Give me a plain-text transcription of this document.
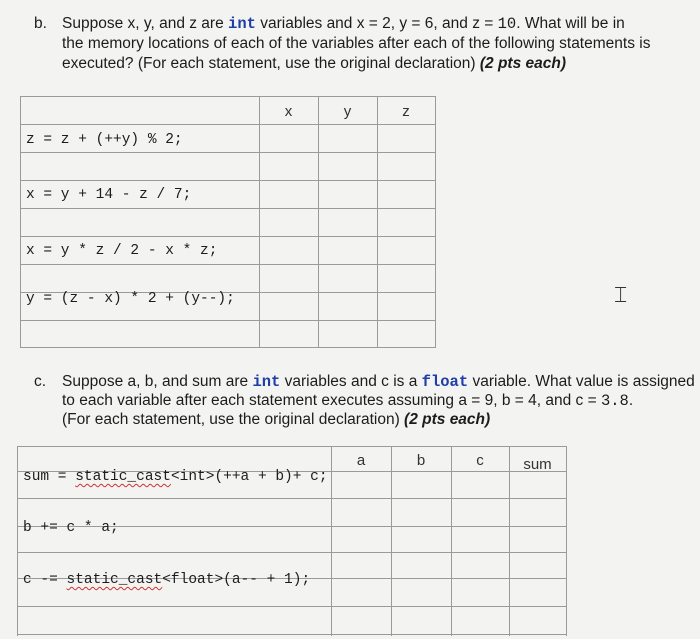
b. Suppose x, y, and z are int variables and x = 2, y = 6, and z = 10. What will be in
the memory locations of each of the variables after each of the following statements is
executed? (For each statement, use the original declaration) (2 pts each)
x	y	z
z = z + (++y) % 2;
x = y + 14 - z / 7;
x = y * z / 2 - x * z;
y = (z - x) * 2 + (y--);	⌶
c. Suppose a, b, and sum are int variables and c is a float variable. What value is assigned
to each variable after each statement executes assuming a = 9, b = 4, and c = 3.8.
(For each statement, use the original declaration) (2 pts each)
a	b	c	sum
sum = static_cast<int>(++a + b)+ c;
b += c * a;
c -= static_cast<float>(a-- + 1);
